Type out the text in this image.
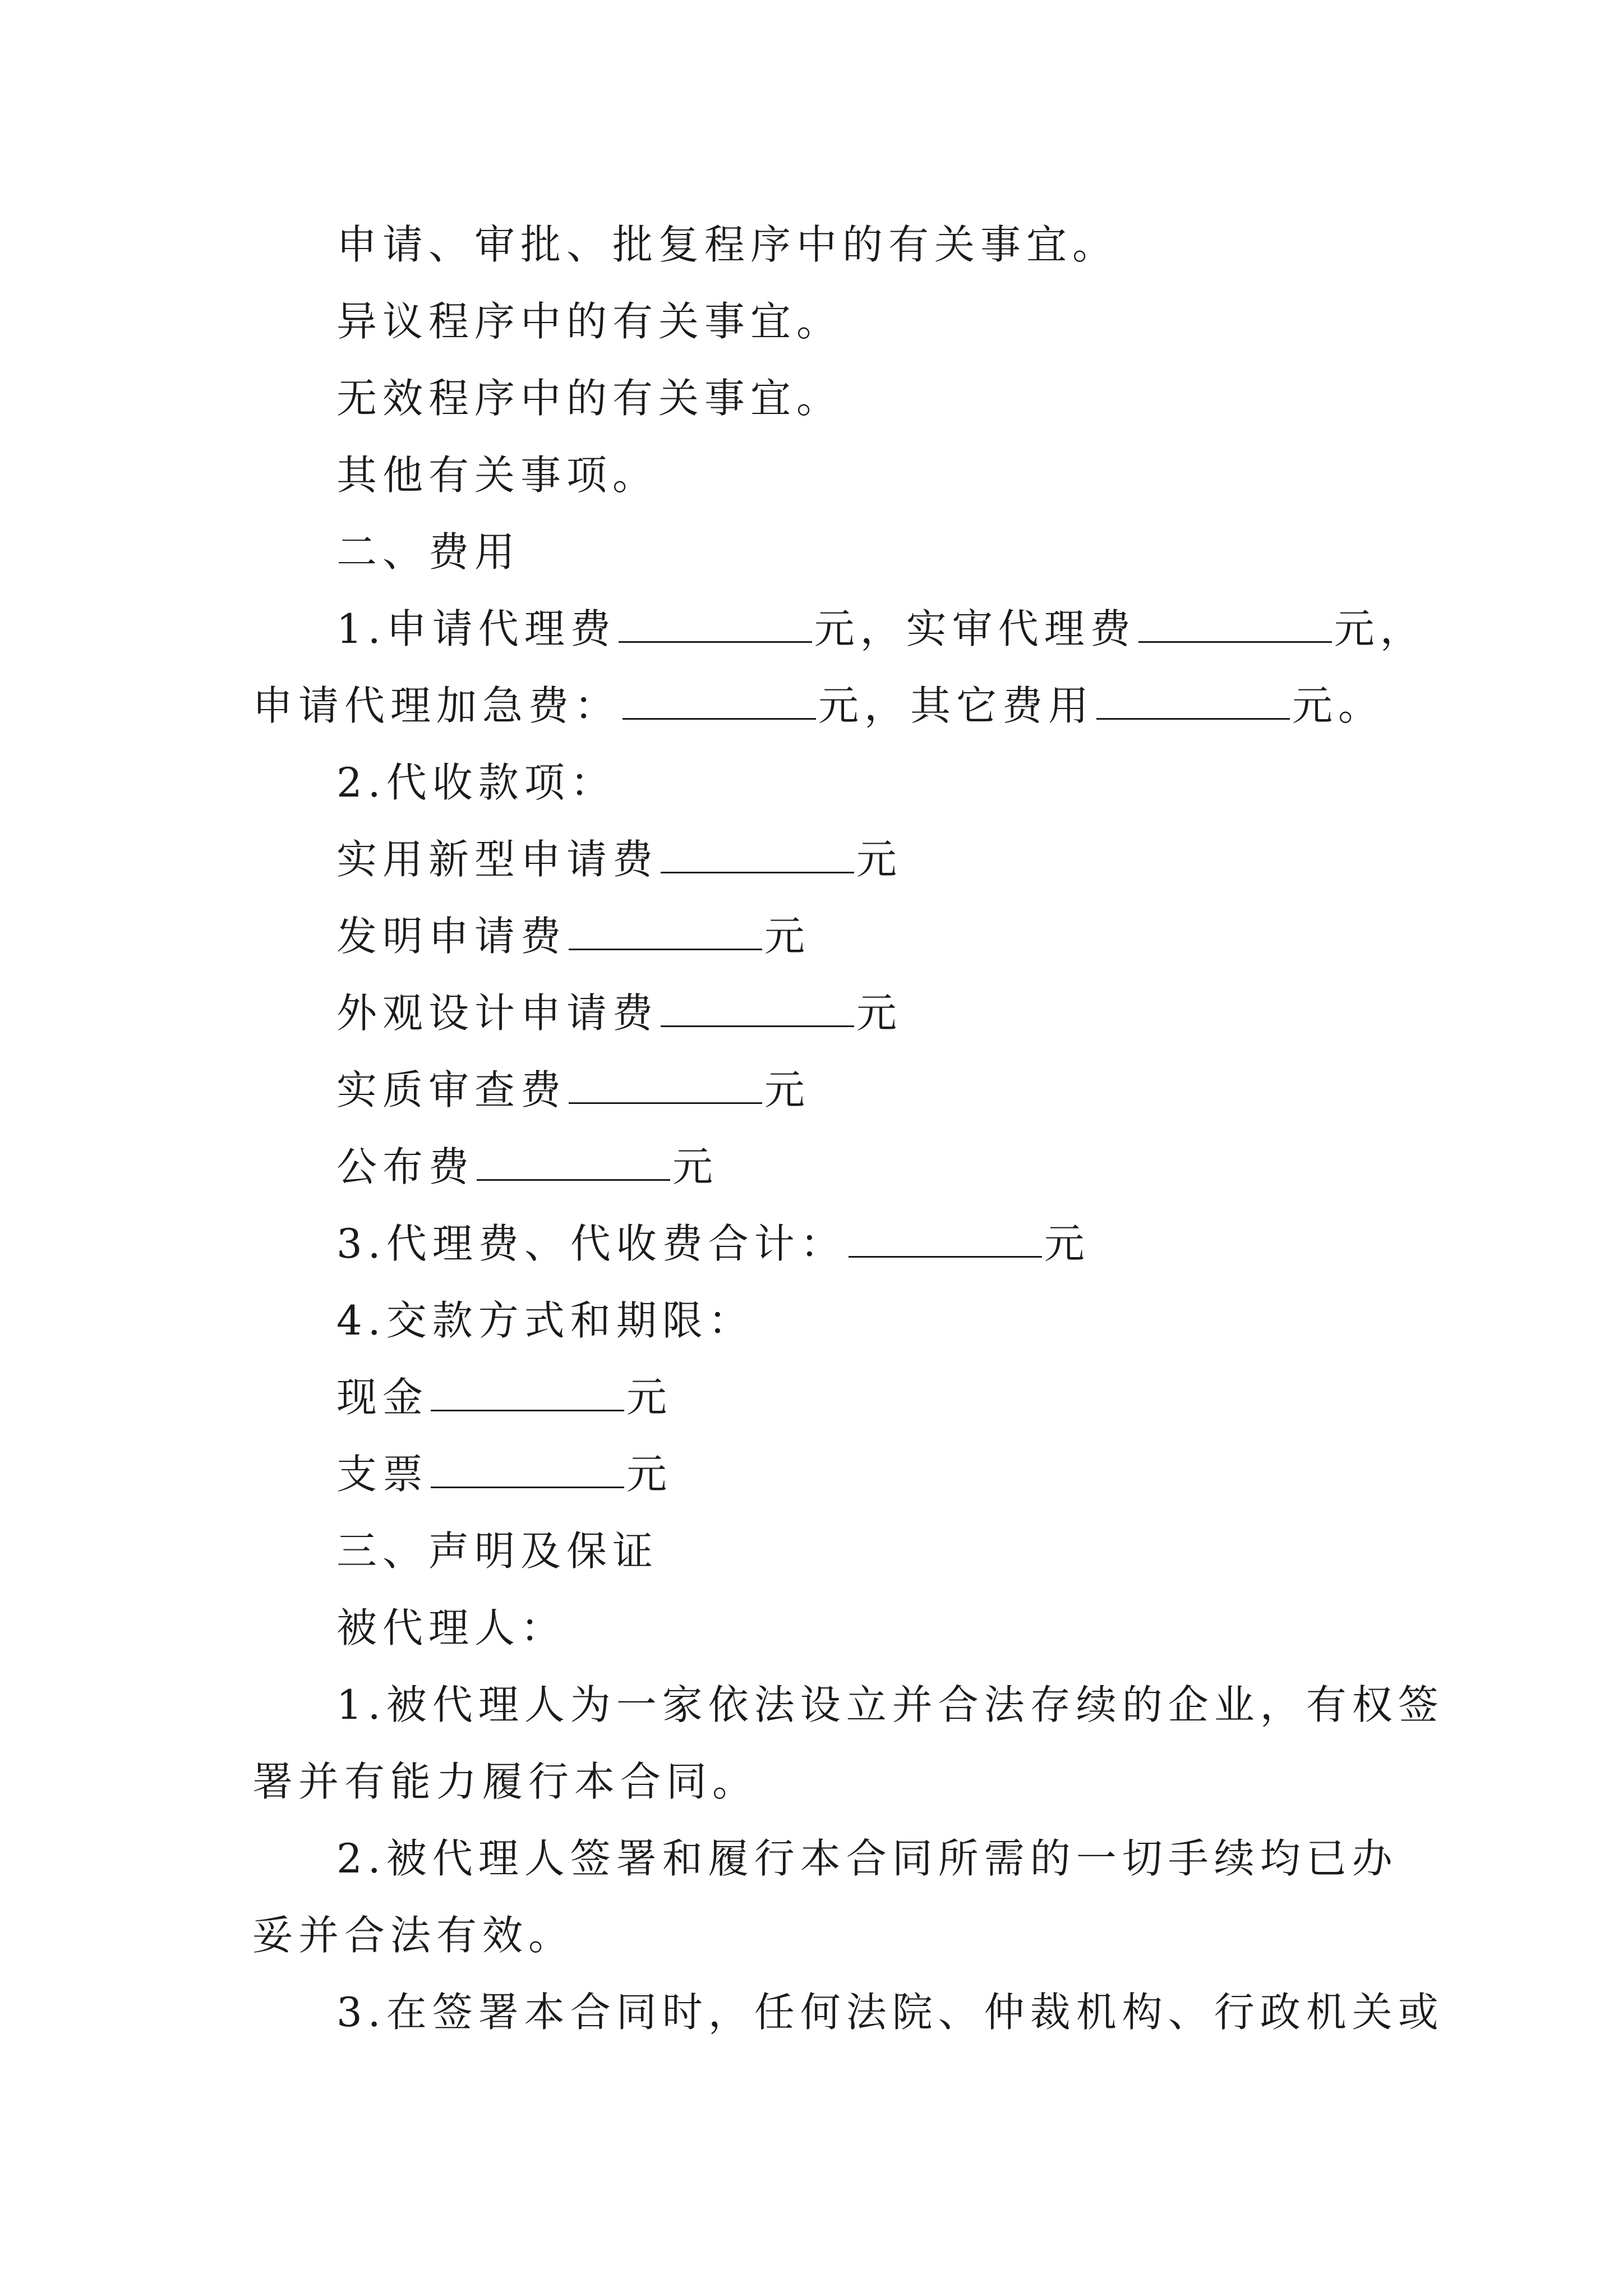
申请、审批、批复程序中的有关事宜。
异议程序中的有关事宜。
无效程序中的有关事宜。
其他有关事项。
二、费用
1.申请代理费	元，实审代理费	元，
申请代理加急费：	元，其它费用	元。
2.代收款项：
实用新型申请费	元
发明申请费	元
外观设计申请费	元
实质审查费	元
公布费	元
3.代理费、代收费合计：	元
4.交款方式和期限：
现金	元
支票	元
三、声明及保证
被代理人：
1.被代理人为一家依法设立并合法存续的企业，有权签
署并有能力履行本合同。
2.被代理人签署和履行本合同所需的一切手续均已办
妥并合法有效。
3.在签署本合同时，任何法院、仲裁机构、行政机关或
